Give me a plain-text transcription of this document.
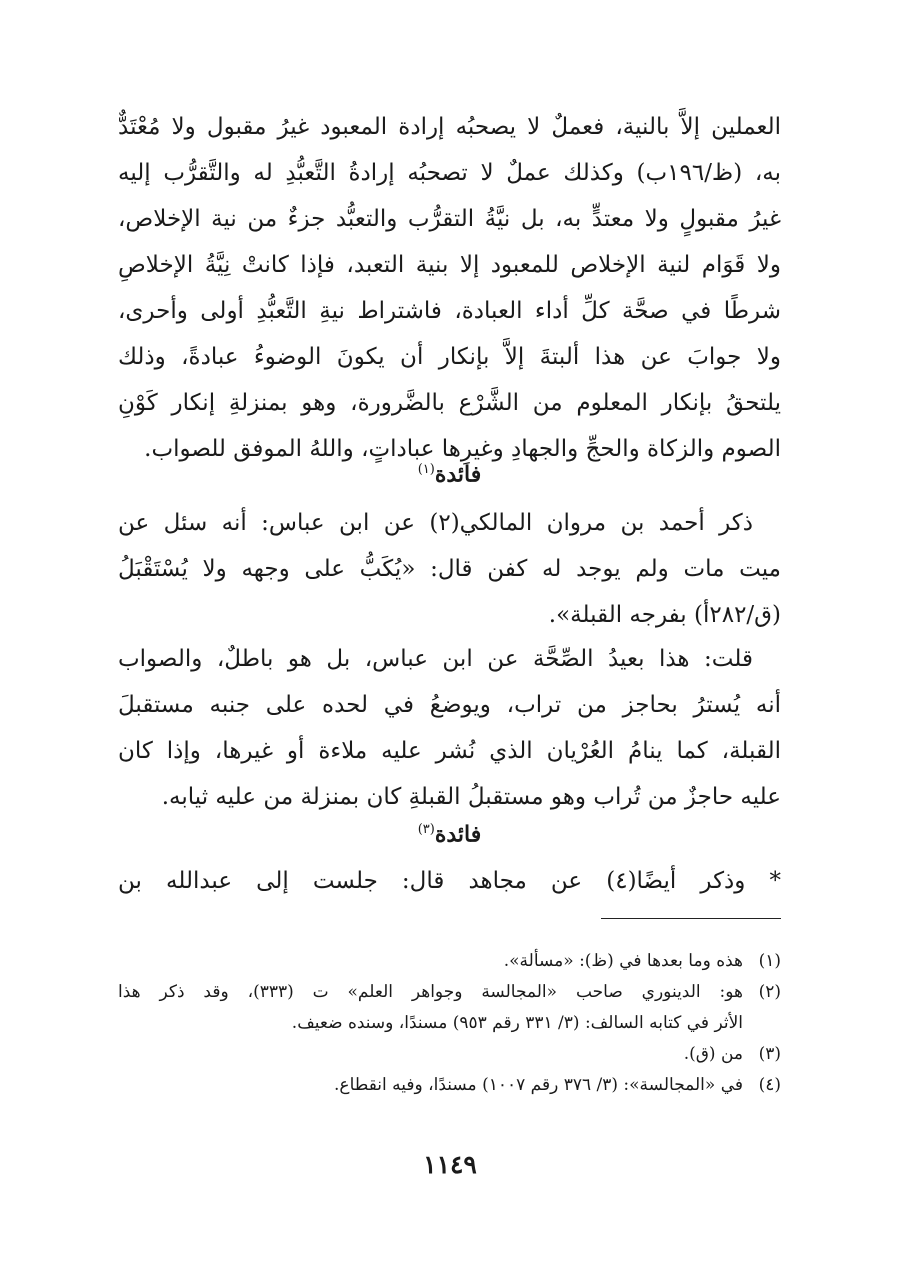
العملين إلاَّ بالنية، فعملٌ لا يصحبُه إرادة المعبود غيرُ مقبول ولا مُعْتَدٌّ
به، (ظ/١٩٦ب) وكذلك عملٌ لا تصحبُه إرادةُ التَّعبُّدِ له والتَّقرُّب إليه
غيرُ مقبولٍ ولا معتدٍّ به، بل نيَّةُ التقرُّب والتعبُّد جزءٌ من نية الإخلاص،
ولا قَوَام لنية الإخلاص للمعبود إلا بنية التعبد، فإذا كانتْ نِيَّةُ الإخلاصِ
شرطًا في صحَّة كلِّ أداء العبادة، فاشتراط نيةِ التَّعبُّدِ أولى وأحرى،
ولا جوابَ عن هذا ألبتةَ إلاَّ بإنكار أن يكونَ الوضوءُ عبادةً، وذلك
يلتحقُ بإنكار المعلوم من الشَّرْع بالضَّرورة، وهو بمنزلةِ إنكار كَوْنِ
الصوم والزكاة والحجِّ والجهادِ وغيرِها عباداتٍ، واللهُ الموفق للصواب.
فائدة$^{(١)}$
ذكر أحمد بن مروان المالكي(٢) عن ابن عباس: أنه سئل عن
ميت مات ولم يوجد له كفن قال: «يُكَبُّ على وجهه ولا يُسْتَقْبَلُ
(ق/٢٨٢أ) بفرجه القبلة».
قلت: هذا بعيدُ الصِّحَّة عن ابن عباس، بل هو باطلٌ، والصواب
أنه يُسترُ بحاجز من تراب، ويوضعُ في لحده على جنبه مستقبلَ
القبلة، كما ينامُ العُرْيان الذي نُشر عليه ملاءة أو غيرها، وإذا كان
عليه حاجزٌ من تُراب وهو مستقبلُ القبلةِ كان بمنزلة من عليه ثيابه.
فائدة$^{(٣)}$
* وذكر أيضًا(٤) عن مجاهد قال: جلست إلى عبدالله بن
(١)
هذه وما بعدها في (ظ): «مسألة».
(٢)
هو: الدينوري صاحب «المجالسة وجواهر العلم» ت (٣٣٣)، وقد ذكر هذا
الأثر في كتابه السالف: (٣/ ٣٣١ رقم ٩٥٣) مسندًا، وسنده ضعيف.
(٣)
من (ق).
(٤)
في «المجالسة»: (٣/ ٣٧٦ رقم ١٠٠٧) مسندًا، وفيه انقطاع.
١١٤٩
